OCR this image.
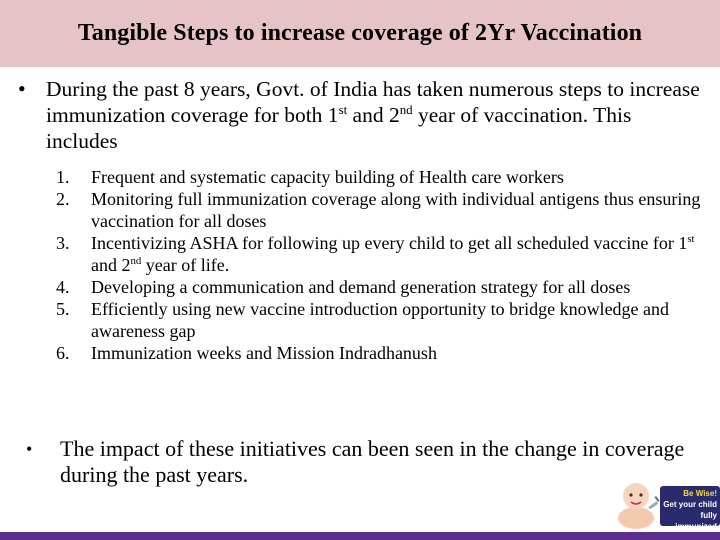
Tangible Steps to increase coverage of 2Yr Vaccination
• During the past 8 years, Govt. of India has taken numerous steps to increase immunization coverage for both 1st and 2nd year of vaccination. This includes
1. Frequent and systematic capacity building of Health care workers
2. Monitoring full immunization coverage along with individual antigens thus ensuring vaccination for all doses
3. Incentivizing ASHA for following up every child to get all scheduled vaccine for 1st and 2nd year of life.
4. Developing a communication and demand generation strategy for all doses
5. Efficiently using new vaccine introduction opportunity to bridge knowledge and awareness gap
6. Immunization weeks and Mission Indradhanush
• The impact of these initiatives can been seen in the change in coverage during the past years.
Be Wise!
Get your child
fully immunized
